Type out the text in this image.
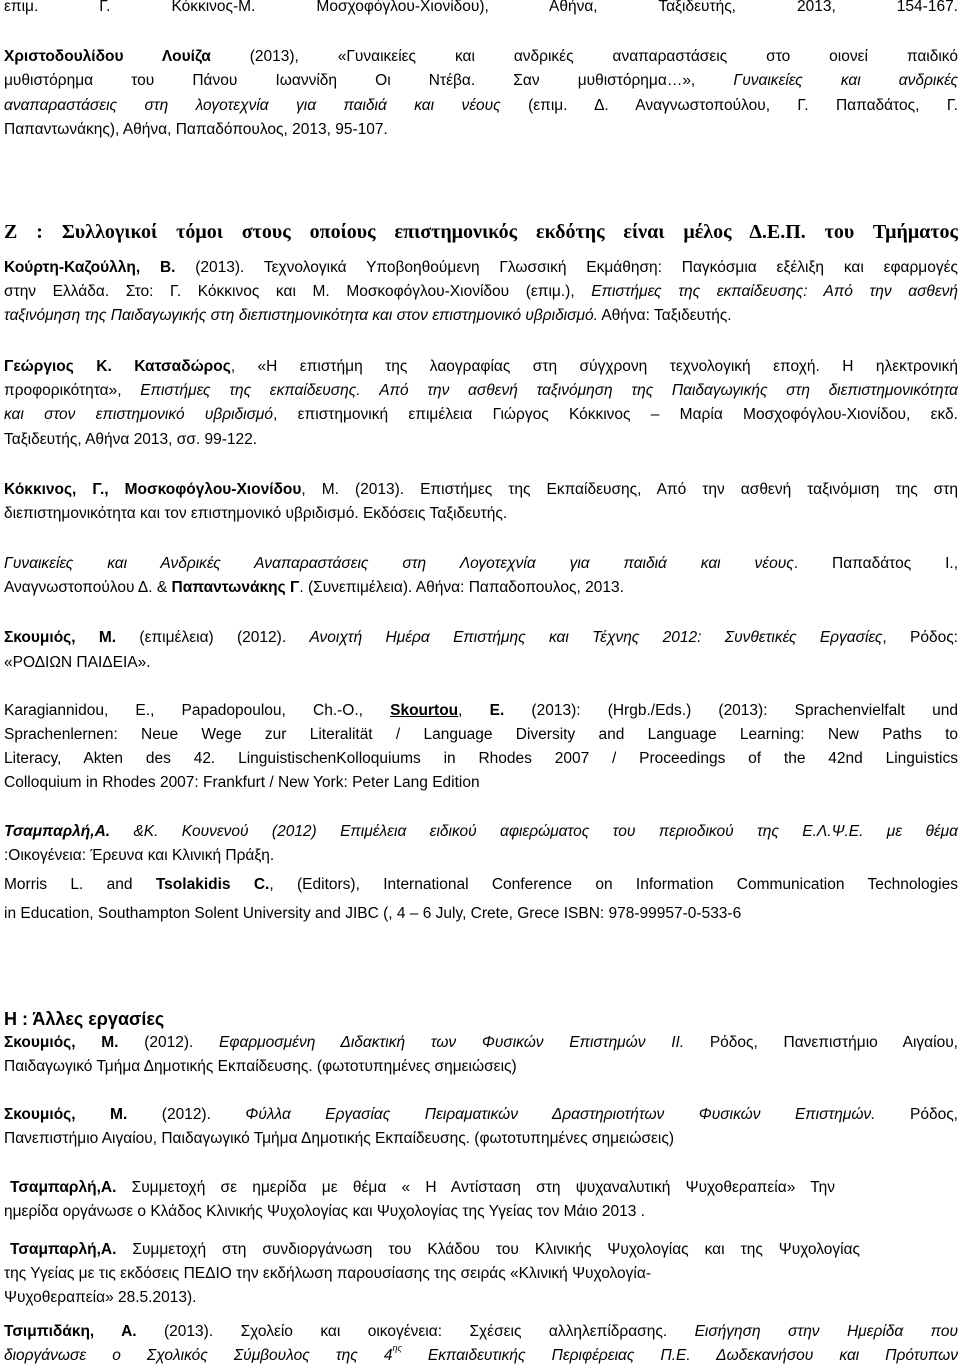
επιμ. Γ. Κόκκινος-Μ. Μοσχοφόγλου-Χιονίδου), Αθήνα, Ταξιδευτής, 2013, 154-167.
Χριστοδουλίδου Λουίζα (2013), «Γυναικείες και ανδρικές αναπαραστάσεις στο οιονεί παιδικό
μυθιστόρημα του Πάνου Ιωαννίδη Οι Ντέβα. Σαν μυθιστόρημα…», Γυναικείες και ανδρικές
αναπαραστάσεις στη λογοτεχνία για παιδιά και νέους (επιμ. Δ. Αναγνωστοπούλου, Γ. Παπαδάτος, Γ.
Παπαντωνάκης), Αθήνα, Παπαδόπουλος, 2013, 95-107.
Ζ : Συλλογικοί τόμοι στους οποίους επιστημονικός εκδότης είναι μέλος Δ.Ε.Π. του Τμήματος
Κούρτη-Καζούλλη, Β. (2013). Τεχνολογικά Υποβοηθούμενη Γλωσσική Εκμάθηση: Παγκόσμια εξέλιξη και εφαρμογές
στην Ελλάδα. Στο: Γ. Κόκκινος και Μ. Μοσκοφόγλου-Χιονίδου (επιμ.), Επιστήμες της εκπαίδευσης: Από την ασθενή
ταξινόμηση της Παιδαγωγικής στη διεπιστημονικότητα και στον επιστημονικό υβριδισμό. Αθήνα: Ταξιδευτής.
Γεώργιος Κ. Κατσαδώρος, «Η επιστήμη της λαογραφίας στη σύγχρονη τεχνολογική εποχή. Η ηλεκτρονική
προφορικότητα», Επιστήμες της εκπαίδευσης. Από την ασθενή ταξινόμηση της Παιδαγωγικής στη διεπιστημονικότητα
και στον επιστημονικό υβριδισμό, επιστημονική επιμέλεια Γιώργος Κόκκινος – Μαρία Μοσχοφόγλου-Χιονίδου, εκδ.
Ταξιδευτής, Αθήνα 2013, σσ. 99-122.
Κόκκινος, Γ., Μοσκοφόγλου-Χιονίδου, Μ. (2013). Επιστήμες της Εκπαίδευσης, Από την ασθενή ταξινόμιση της στη
διεπιστημονικότητα και τον επιστημονικό υβριδισμό. Εκδόσεις Ταξιδευτής.
Γυναικείες και Ανδρικές Αναπαραστάσεις στη Λογοτεχνία για παιδιά και νέους. Παπαδάτος Ι.,
Αναγνωστοπούλου Δ. & Παπαντωνάκης Γ. (Συνεπιμέλεια). Αθήνα: Παπαδοπουλος, 2013.
Σκουμιός, Μ. (επιμέλεια) (2012). Ανοιχτή Ημέρα Επιστήμης και Τέχνης 2012: Συνθετικές Εργασίες, Ρόδος:
«ΡΟΔΙΩΝ ΠΑΙΔΕΙΑ».
Karagiannidou, E., Papadopoulou, Ch.-O., Skourtou, E. (2013): (Hrgb./Eds.) (2013): Sprachenvielfalt und
Sprachenlernen: Neue Wege zur Literalität / Language Diversity and Language Learning: New Paths to
Literacy, Akten des 42. LinguistischenKolloquiums in Rhodes 2007 / Proceedings of the 42nd Linguistics
Colloquium in Rhodes 2007: Frankfurt / New York: Peter Lang Edition
Τσαμπαρλή,Α. &Κ. Κουνενού (2012) Επιμέλεια ειδικού αφιερώματος του περιοδικού της Ε.Λ.Ψ.Ε. με θέμα
:Οικογένεια: Έρευνα και Κλινική Πράξη.
Morris L. and Tsolakidis C., (Editors), International Conference on Information Communication Technologies
in Education, Southampton Solent University and JIBC (, 4 – 6 July, Crete, Grece ISBN: 978-99957-0-533-6
Η : Άλλες εργασίες
Σκουμιός, Μ. (2012). Εφαρμοσμένη Διδακτική των Φυσικών Επιστημών ΙΙ. Ρόδος, Πανεπιστήμιο Αιγαίου,
Παιδαγωγικό Τμήμα Δημοτικής Εκπαίδευσης. (φωτοτυπημένες σημειώσεις)
Σκουμιός, Μ. (2012). Φύλλα Εργασίας Πειραματικών Δραστηριοτήτων Φυσικών Επιστημών. Ρόδος,
Πανεπιστήμιο Αιγαίου, Παιδαγωγικό Τμήμα Δημοτικής Εκπαίδευσης. (φωτοτυπημένες σημειώσεις)
Τσαμπαρλή,Α. Συμμετοχή σε ημερίδα με θέμα « Η Αντίσταση στη ψυχαναλυτική Ψυχοθεραπεία» Την
ημερίδα οργάνωσε ο Κλάδος Κλινικής Ψυχολογίας και Ψυχολογίας της Υγείας τον Μάιο 2013 .
Τσαμπαρλή,Α. Συμμετοχή στη συνδιοργάνωση του Κλάδου του Κλινικής Ψυχολογίας και της Ψυχολογίας
της Υγείας με τις εκδόσεις ΠΕΔΙΟ την εκδήλωση παρουσίασης της σειράς «Κλινική Ψυχολογία-
Ψυχοθεραπεία» 28.5.2013).
Τσιμπιδάκη, Α. (2013). Σχολείο και οικογένεια: Σχέσεις αλληλεπίδρασης. Εισήγηση στην Ημερίδα που
διοργάνωσε ο Σχολικός Σύμβουλος της $4^{\eta\varsigma}$ Εκπαιδευτικής Περιφέρειας Π.Ε. Δωδεκανήσου και Πρότυπων
